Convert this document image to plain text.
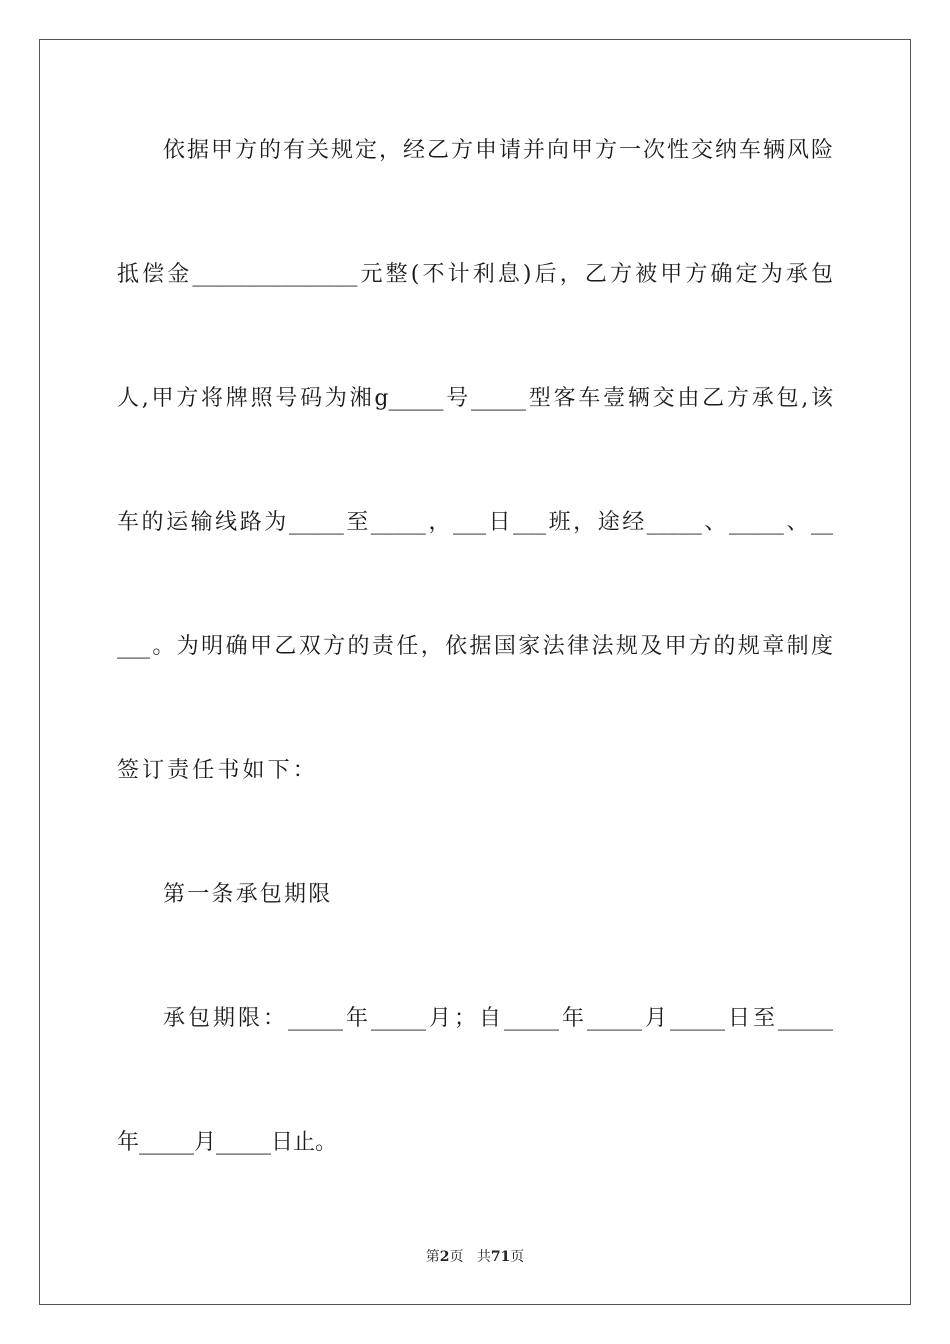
依据甲方的有关规定，经乙方申请并向甲方一次性交纳车辆风险
抵偿金_______________元整(不计利息)后，乙方被甲方确定为承包
人,甲方将牌照号码为湘g_____号_____型客车壹辆交由乙方承包,该
车的运输线路为_____至_____，___日___班，途经_____、_____、__
___。为明确甲乙双方的责任，依据国家法律法规及甲方的规章制度
签订责任书如下：
第一条承包期限
承包期限：_____年_____月；自_____年_____月_____日至_____
年_____月_____日止。
第2页 共71页
